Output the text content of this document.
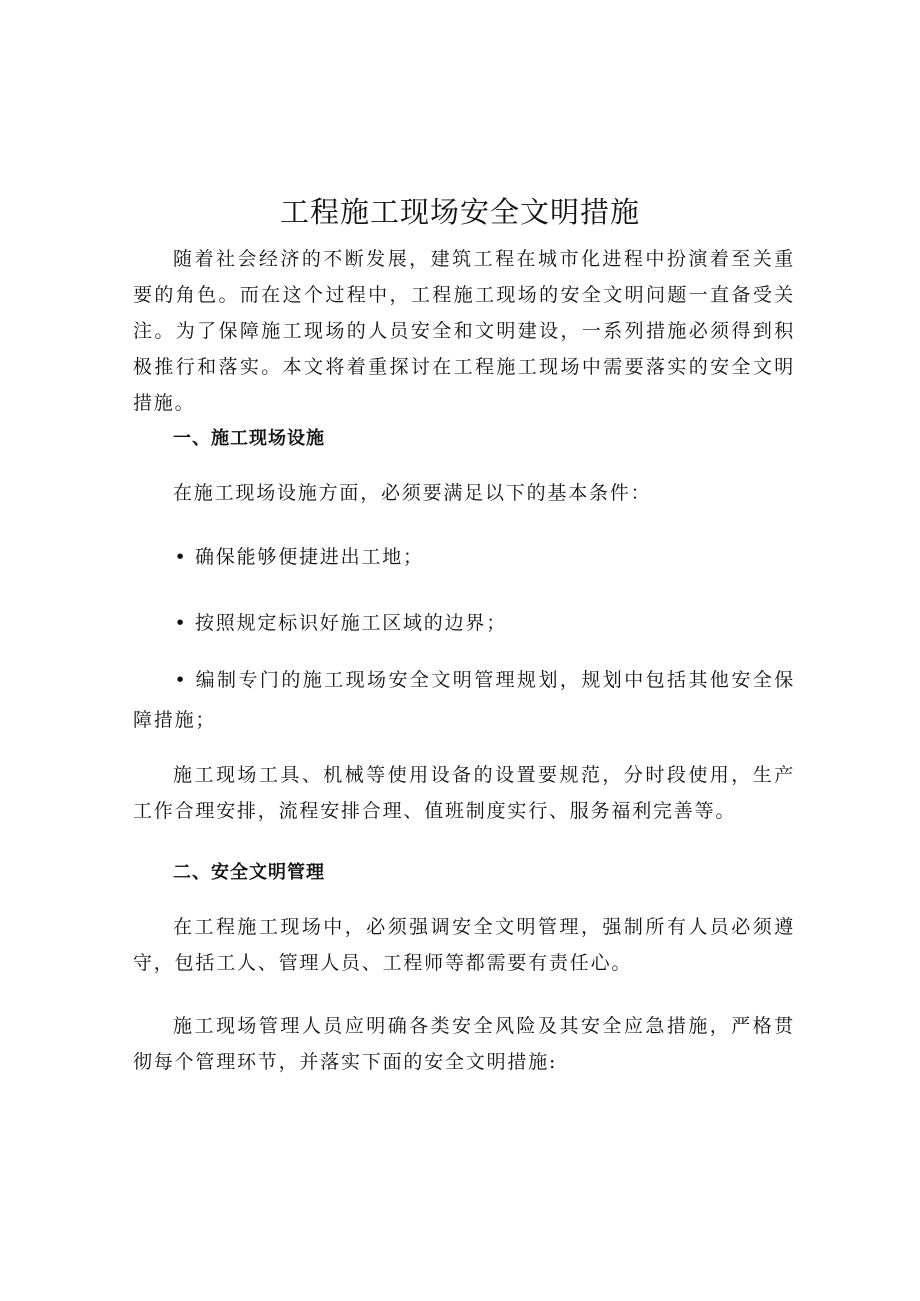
工程施工现场安全文明措施

随着社会经济的不断发展，建筑工程在城市化进程中扮演着至关重要的角色。而在这个过程中，工程施工现场的安全文明问题一直备受关注。为了保障施工现场的人员安全和文明建设，一系列措施必须得到积极推行和落实。本文将着重探讨在工程施工现场中需要落实的安全文明措施。

一、施工现场设施

在施工现场设施方面，必须要满足以下的基本条件：

• 确保能够便捷进出工地；

• 按照规定标识好施工区域的边界；

• 编制专门的施工现场安全文明管理规划，规划中包括其他安全保障措施；

施工现场工具、机械等使用设备的设置要规范，分时段使用，生产工作合理安排，流程安排合理、值班制度实行、服务福利完善等。

二、安全文明管理

在工程施工现场中，必须强调安全文明管理，强制所有人员必须遵守，包括工人、管理人员、工程师等都需要有责任心。

施工现场管理人员应明确各类安全风险及其安全应急措施，严格贯彻每个管理环节，并落实下面的安全文明措施:
